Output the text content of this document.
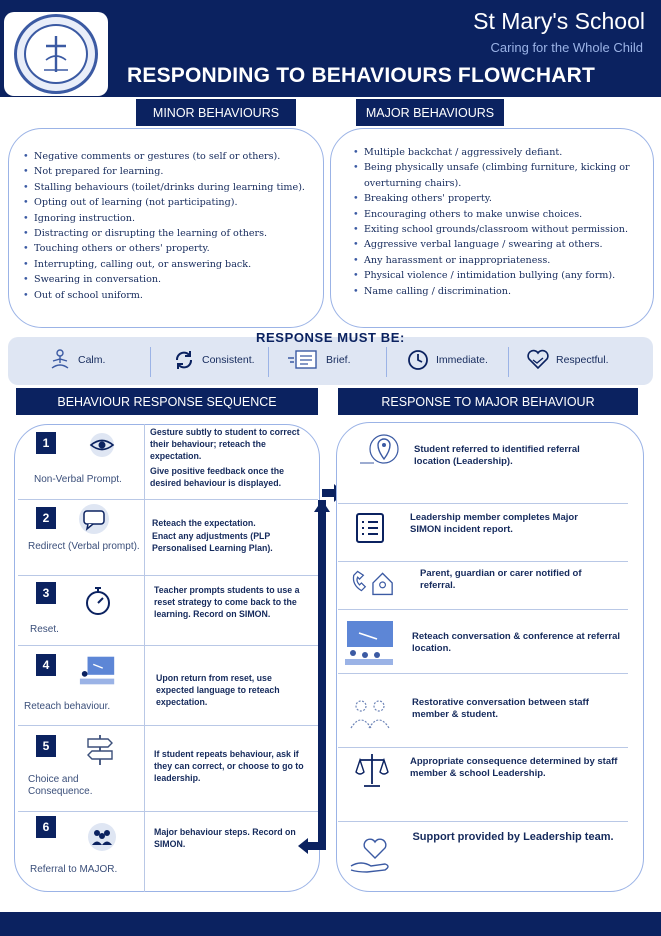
St Mary's School
Caring for the Whole Child
RESPONDING TO BEHAVIOURS FLOWCHART
• Negative comments or gestures (to self or others).
• Not prepared for learning.
• Stalling behaviours (toilet/drinks during learning time).
• Opting out of learning (not participating).
• Ignoring instruction.
• Distracting or disrupting the learning of others.
• Touching others or others' property.
• Interrupting, calling out, or answering back.
• Swearing in conversation.
• Out of school uniform.
MINOR BEHAVIOURS
• Multiple backchat / aggressively defiant.
• Being physically unsafe (climbing furniture, kicking or overturning chairs).
• Breaking others' property.
• Encouraging others to make unwise choices.
• Exiting school grounds/classroom without permission.
• Aggressive verbal language / swearing at others.
• Any harassment or inappropriateness.
• Physical violence / intimidation bullying (any form).
• Name calling / discrimination.
MAJOR BEHAVIOURS
RESPONSE MUST BE:
Calm.	Consistent.	Brief.	Immediate.	Respectful.
BEHAVIOUR RESPONSE SEQUENCE	RESPONSE TO MAJOR BEHAVIOUR
1
Non-Verbal Prompt.
Gesture subtly to student to correct their behaviour; reteach the expectation.
Give positive feedback once the desired behaviour is displayed.
2
Redirect (Verbal prompt).
Reteach the expectation.
Enact any adjustments (PLP Personalised Learning Plan).
3
Reset.
Teacher prompts students to use a reset strategy to come back to the learning. Record on SIMON.
4
Reteach behaviour.
Upon return from reset, use expected language to reteach expectation.
5
Choice and Consequence.
If student repeats behaviour, ask if they can correct, or choose to go to leadership.
6
Referral to MAJOR.
Major behaviour steps. Record on SIMON.
Student referred to identified referral location (Leadership).
Leadership member completes Major SIMON incident report.
Parent, guardian or carer notified of referral.
Reteach conversation & conference at referral location.
Restorative conversation between staff member & student.
Appropriate consequence determined by staff member & school Leadership.
Support provided by Leadership team.
